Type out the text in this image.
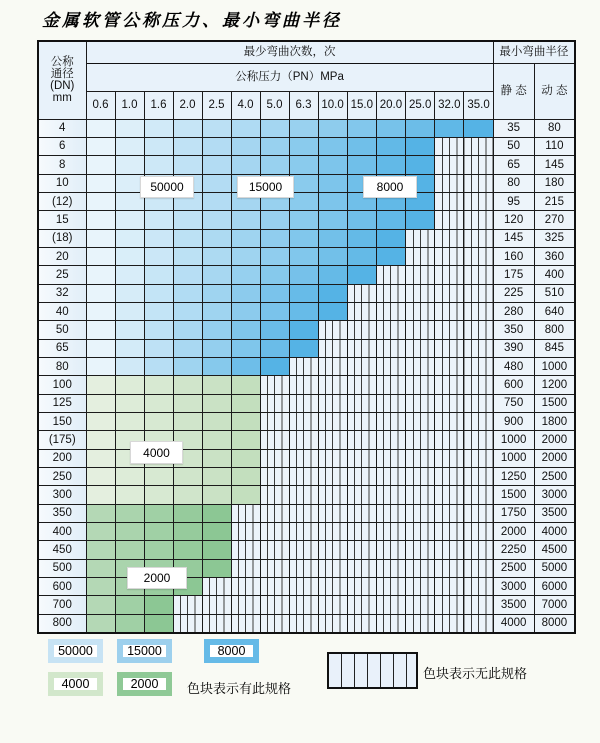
金属软管公称压力、最小弯曲半径
公称
通径
(DN)
mm	最少弯曲次数，次														最小弯曲半径	
	公称压力（PN）MPa														静 态	动 态
	0.6	1.0	1.6	2.0	2.5	4.0	5.0	6.3	10.0	15.0	20.0	25.0	32.0	35.0		
4															35	80
6															50	110
8															65	145
10															80	180
(12)															95	215
15															120	270
(18)															145	325
20															160	360
25															175	400
32															225	510
40															280	640
50															350	800
65															390	845
80															480	1000
100															600	1200
125															750	1500
150															900	1800
(175)															1000	2000
200															1000	2000
250															1250	2500
300															1500	3000
350															1750	3500
400															2000	4000
450															2250	4500
500															2500	5000
600															3000	6000
700															3500	7000
800															4000	8000
50000	15000	8000
4000
2000
色块表示有此规格
色块表示无此规格
50000	15000	8000
4000	2000
